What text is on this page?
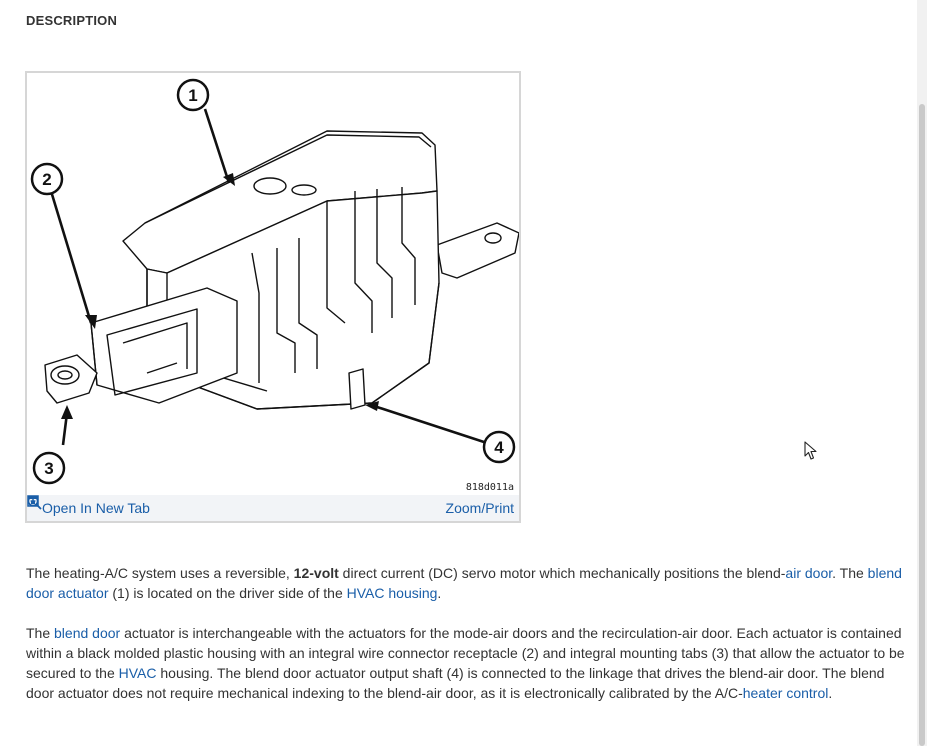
DESCRIPTION
1
2
3
4
818d011a
Open In New Tab	Zoom/Print

The heating-A/C system uses a reversible, 12-volt direct current (DC) servo motor which mechanically positions the blend-air door. The blend door actuator (1) is located on the driver side of the HVAC housing.

The blend door actuator is interchangeable with the actuators for the mode-air doors and the recirculation-air door. Each actuator is contained within a black molded plastic housing with an integral wire connector receptacle (2) and integral mounting tabs (3) that allow the actuator to be secured to the HVAC housing. The blend door actuator output shaft (4) is connected to the linkage that drives the blend-air door. The blend door actuator does not require mechanical indexing to the blend-air door, as it is electronically calibrated by the A/C-heater control.
